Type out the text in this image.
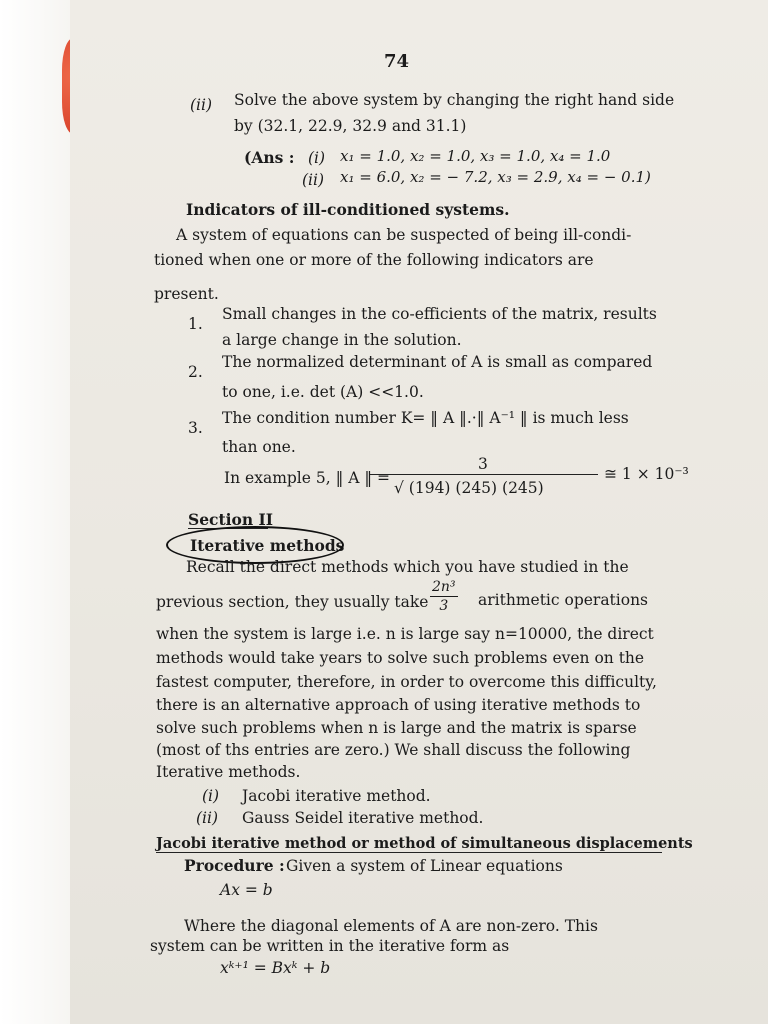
74
(ii) Solve the above system by changing the right hand side
by (32.1, 22.9, 32.9 and 31.1)
(Ans : (i) x₁ = 1.0, x₂ = 1.0, x₃ = 1.0, x₄ = 1.0
(ii) x₁ = 6.0, x₂ = − 7.2, x₃ = 2.9, x₄ = − 0.1)
Indicators of ill-conditioned systems.
A system of equations can be suspected of being ill-condi-
tioned when one or more of the following indicators are
present.
1.
Small changes in the co-efficients of the matrix, results
a large change in the solution.
2.
The normalized determinant of A is small as compared
to one, i.e. det (A) <<1.0.
3.
The condition number K= ‖ A ‖.·‖ A⁻¹ ‖ is much less
than one.
In example 5, ‖ A ‖ =
3
√ (194) (245) (245)
≅ 1 × 10⁻³
Section II
Iterative methods
Recall the direct methods which you have studied in the
previous section, they usually take $\frac{\text{2n³}}{3}$ arithmetic operations
when the system is large i.e. n is large say n=10000, the direct
methods would take years to solve such problems even on the
fastest computer, therefore, in order to overcome this difficulty,
there is an alternative approach of using iterative methods to
solve such problems when n is large and the matrix is sparse
(most of ths entries are zero.) We shall discuss the following
Iterative methods.
(i) Jacobi iterative method.
(ii) Gauss Seidel iterative method.
Jacobi iterative method or method of simultaneous displacements
Procedure : Given a system of Linear equations
Ax = b
Where the diagonal elements of A are non-zero. This
system can be written in the iterative form as
xᵏ⁺¹ = Bxᵏ + b
